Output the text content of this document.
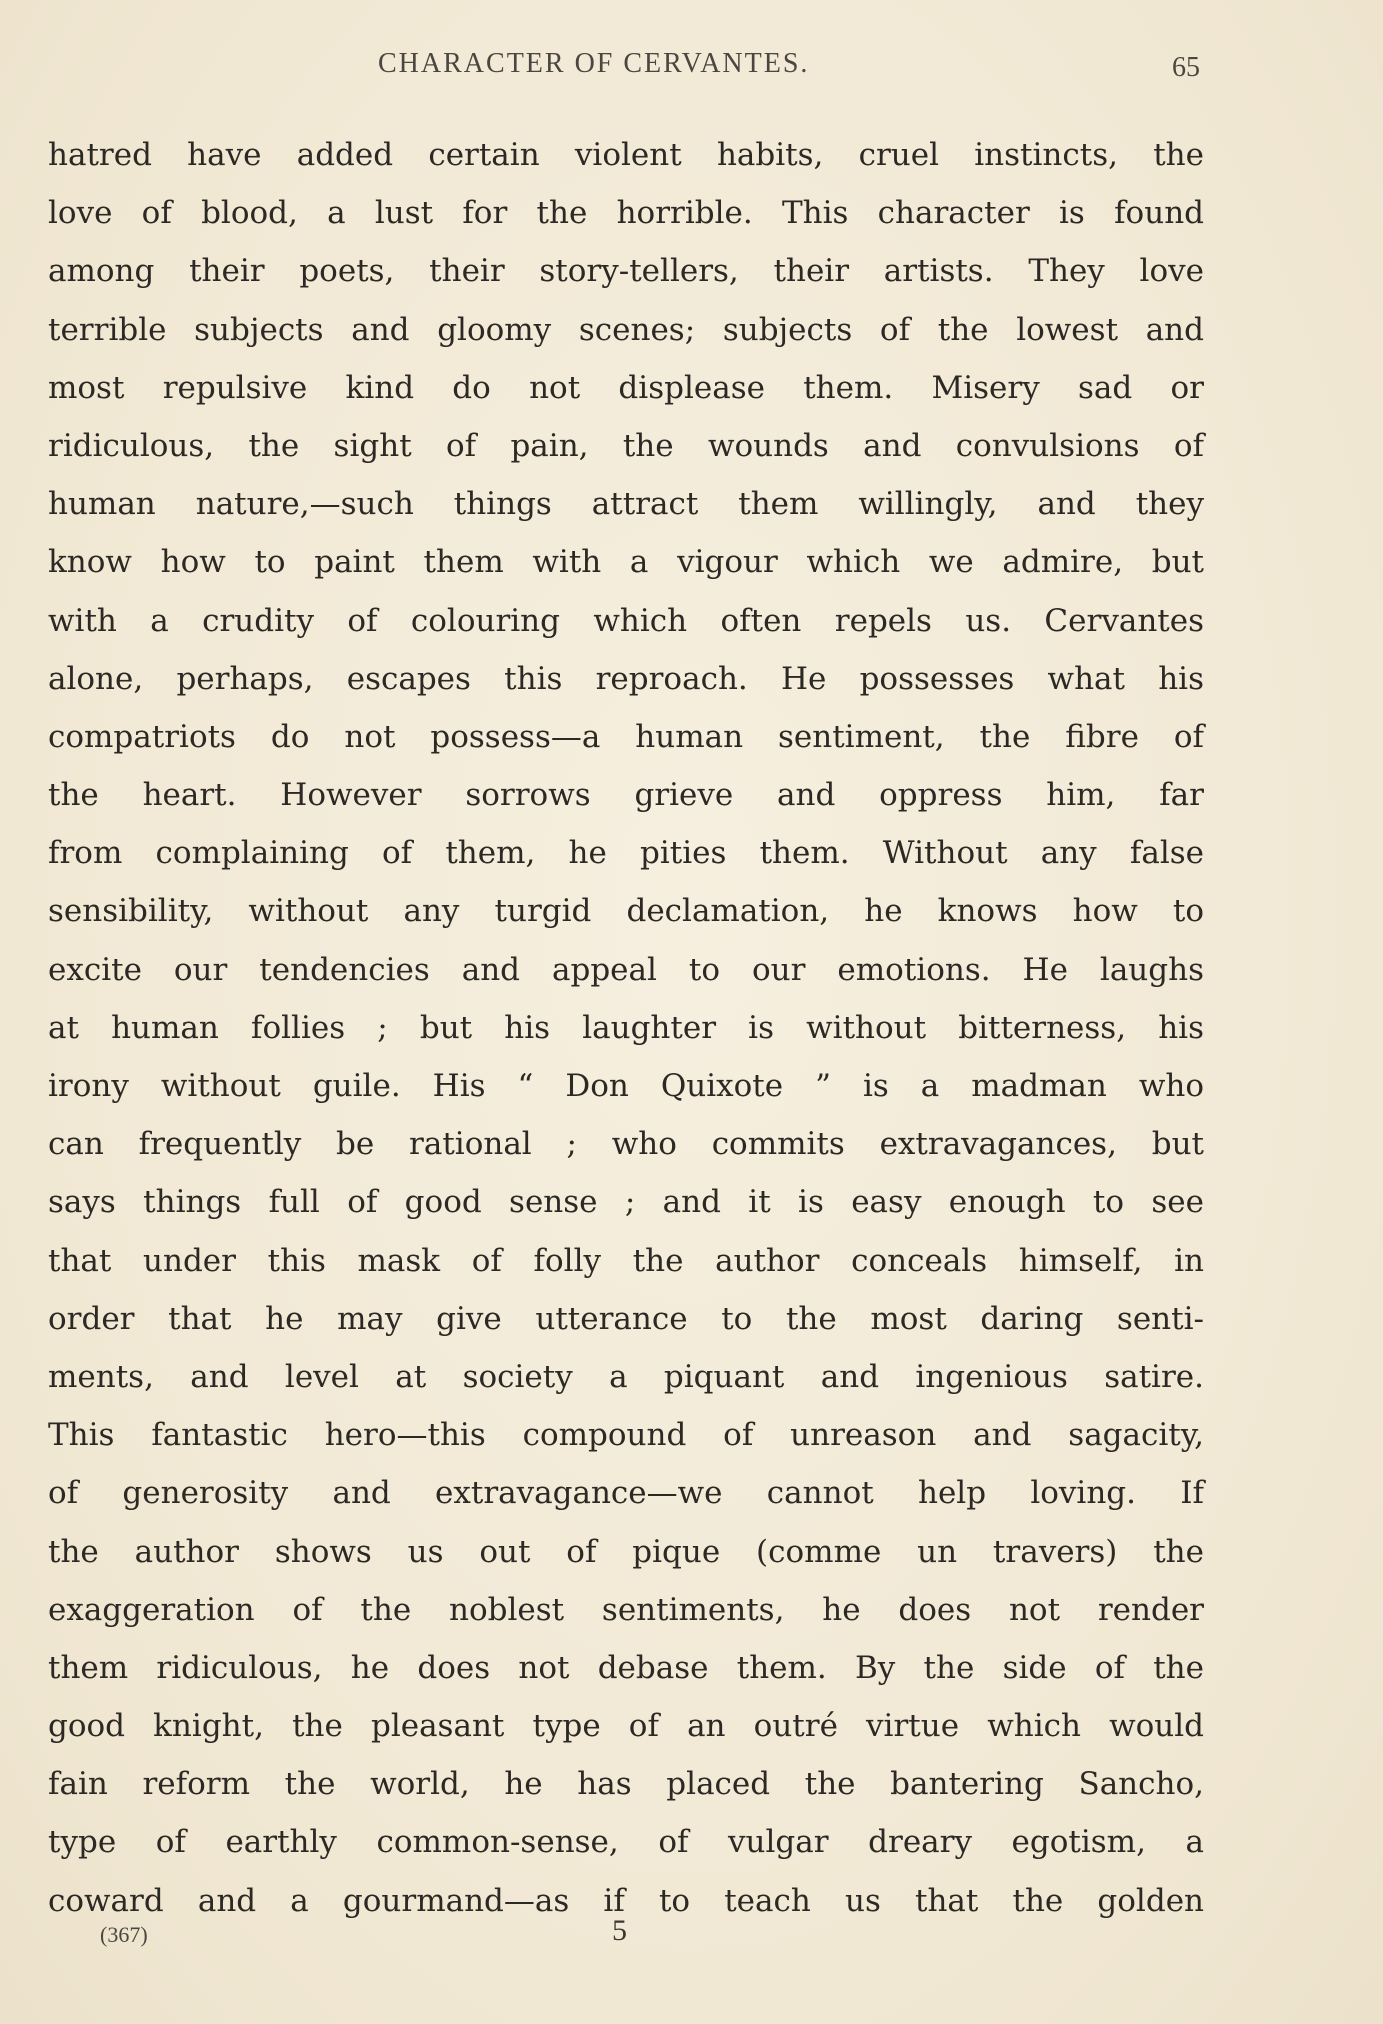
CHARACTER OF CERVANTES.	65
hatred have added certain violent habits, cruel instincts, the
love of blood, a lust for the horrible. This character is found
among their poets, their story-tellers, their artists. They love
terrible subjects and gloomy scenes; subjects of the lowest and
most repulsive kind do not displease them. Misery sad or
ridiculous, the sight of pain, the wounds and convulsions of
human nature,—such things attract them willingly, and they
know how to paint them with a vigour which we admire, but
with a crudity of colouring which often repels us. Cervantes
alone, perhaps, escapes this reproach. He possesses what his
compatriots do not possess—a human sentiment, the fibre of
the heart. However sorrows grieve and oppress him, far
from complaining of them, he pities them. Without any false
sensibility, without any turgid declamation, he knows how to
excite our tendencies and appeal to our emotions. He laughs
at human follies ; but his laughter is without bitterness, his
irony without guile. His “ Don Quixote ” is a madman who
can frequently be rational ; who commits extravagances, but
says things full of good sense ; and it is easy enough to see
that under this mask of folly the author conceals himself, in
order that he may give utterance to the most daring senti-
ments, and level at society a piquant and ingenious satire.
This fantastic hero—this compound of unreason and sagacity,
of generosity and extravagance—we cannot help loving. If
the author shows us out of pique (comme un travers) the
exaggeration of the noblest sentiments, he does not render
them ridiculous, he does not debase them. By the side of the
good knight, the pleasant type of an outré virtue which would
fain reform the world, he has placed the bantering Sancho,
type of earthly common-sense, of vulgar dreary egotism, a
coward and a gourmand—as if to teach us that the golden
(367)	5
